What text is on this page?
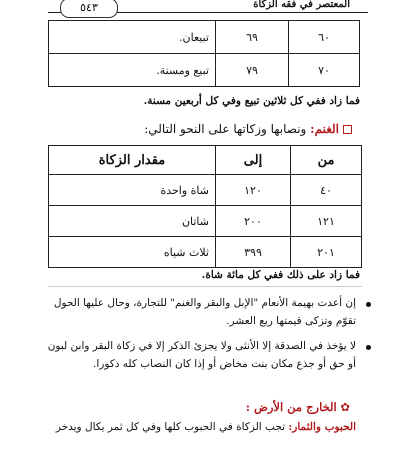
٥٤٣	المعتصر في فقه الزكاة
٦٠	٦٩	تبيعان.
٧٠	٧٩	تبيع ومسنة.
فما زاد ففي كل ثلاثين تبيع وفي كل أربعين مسنة.
الغنم: ونصابها وزكاتها على النحو التالي:
من	إلى	مقدار الزكاة
٤٠	١٢٠	شاة واحدة
١٢١	٢٠٠	شاتان
٢٠١	٣٩٩	ثلاث شياه
فما زاد على ذلك ففي كل مائة شاة.
إن أعدت بهيمة الأنعام "الإبل والبقر والغنم" للتجارة، وحال عليها الحول تقوّم وتزكى قيمتها ربع العشر.
لا يؤخذ في الصدقة إلا الأنثى ولا يجزئ الذكر إلا في زكاة البقر وابن لبون أو حق أو جذع مكان بنت مخاض أو إذا كان النصاب كله ذكورا.
✿ الخارج من الأرض :
الحبوب والثمار: تجب الزكاة في الحبوب كلها وفي كل ثمر يكال ويدخر
